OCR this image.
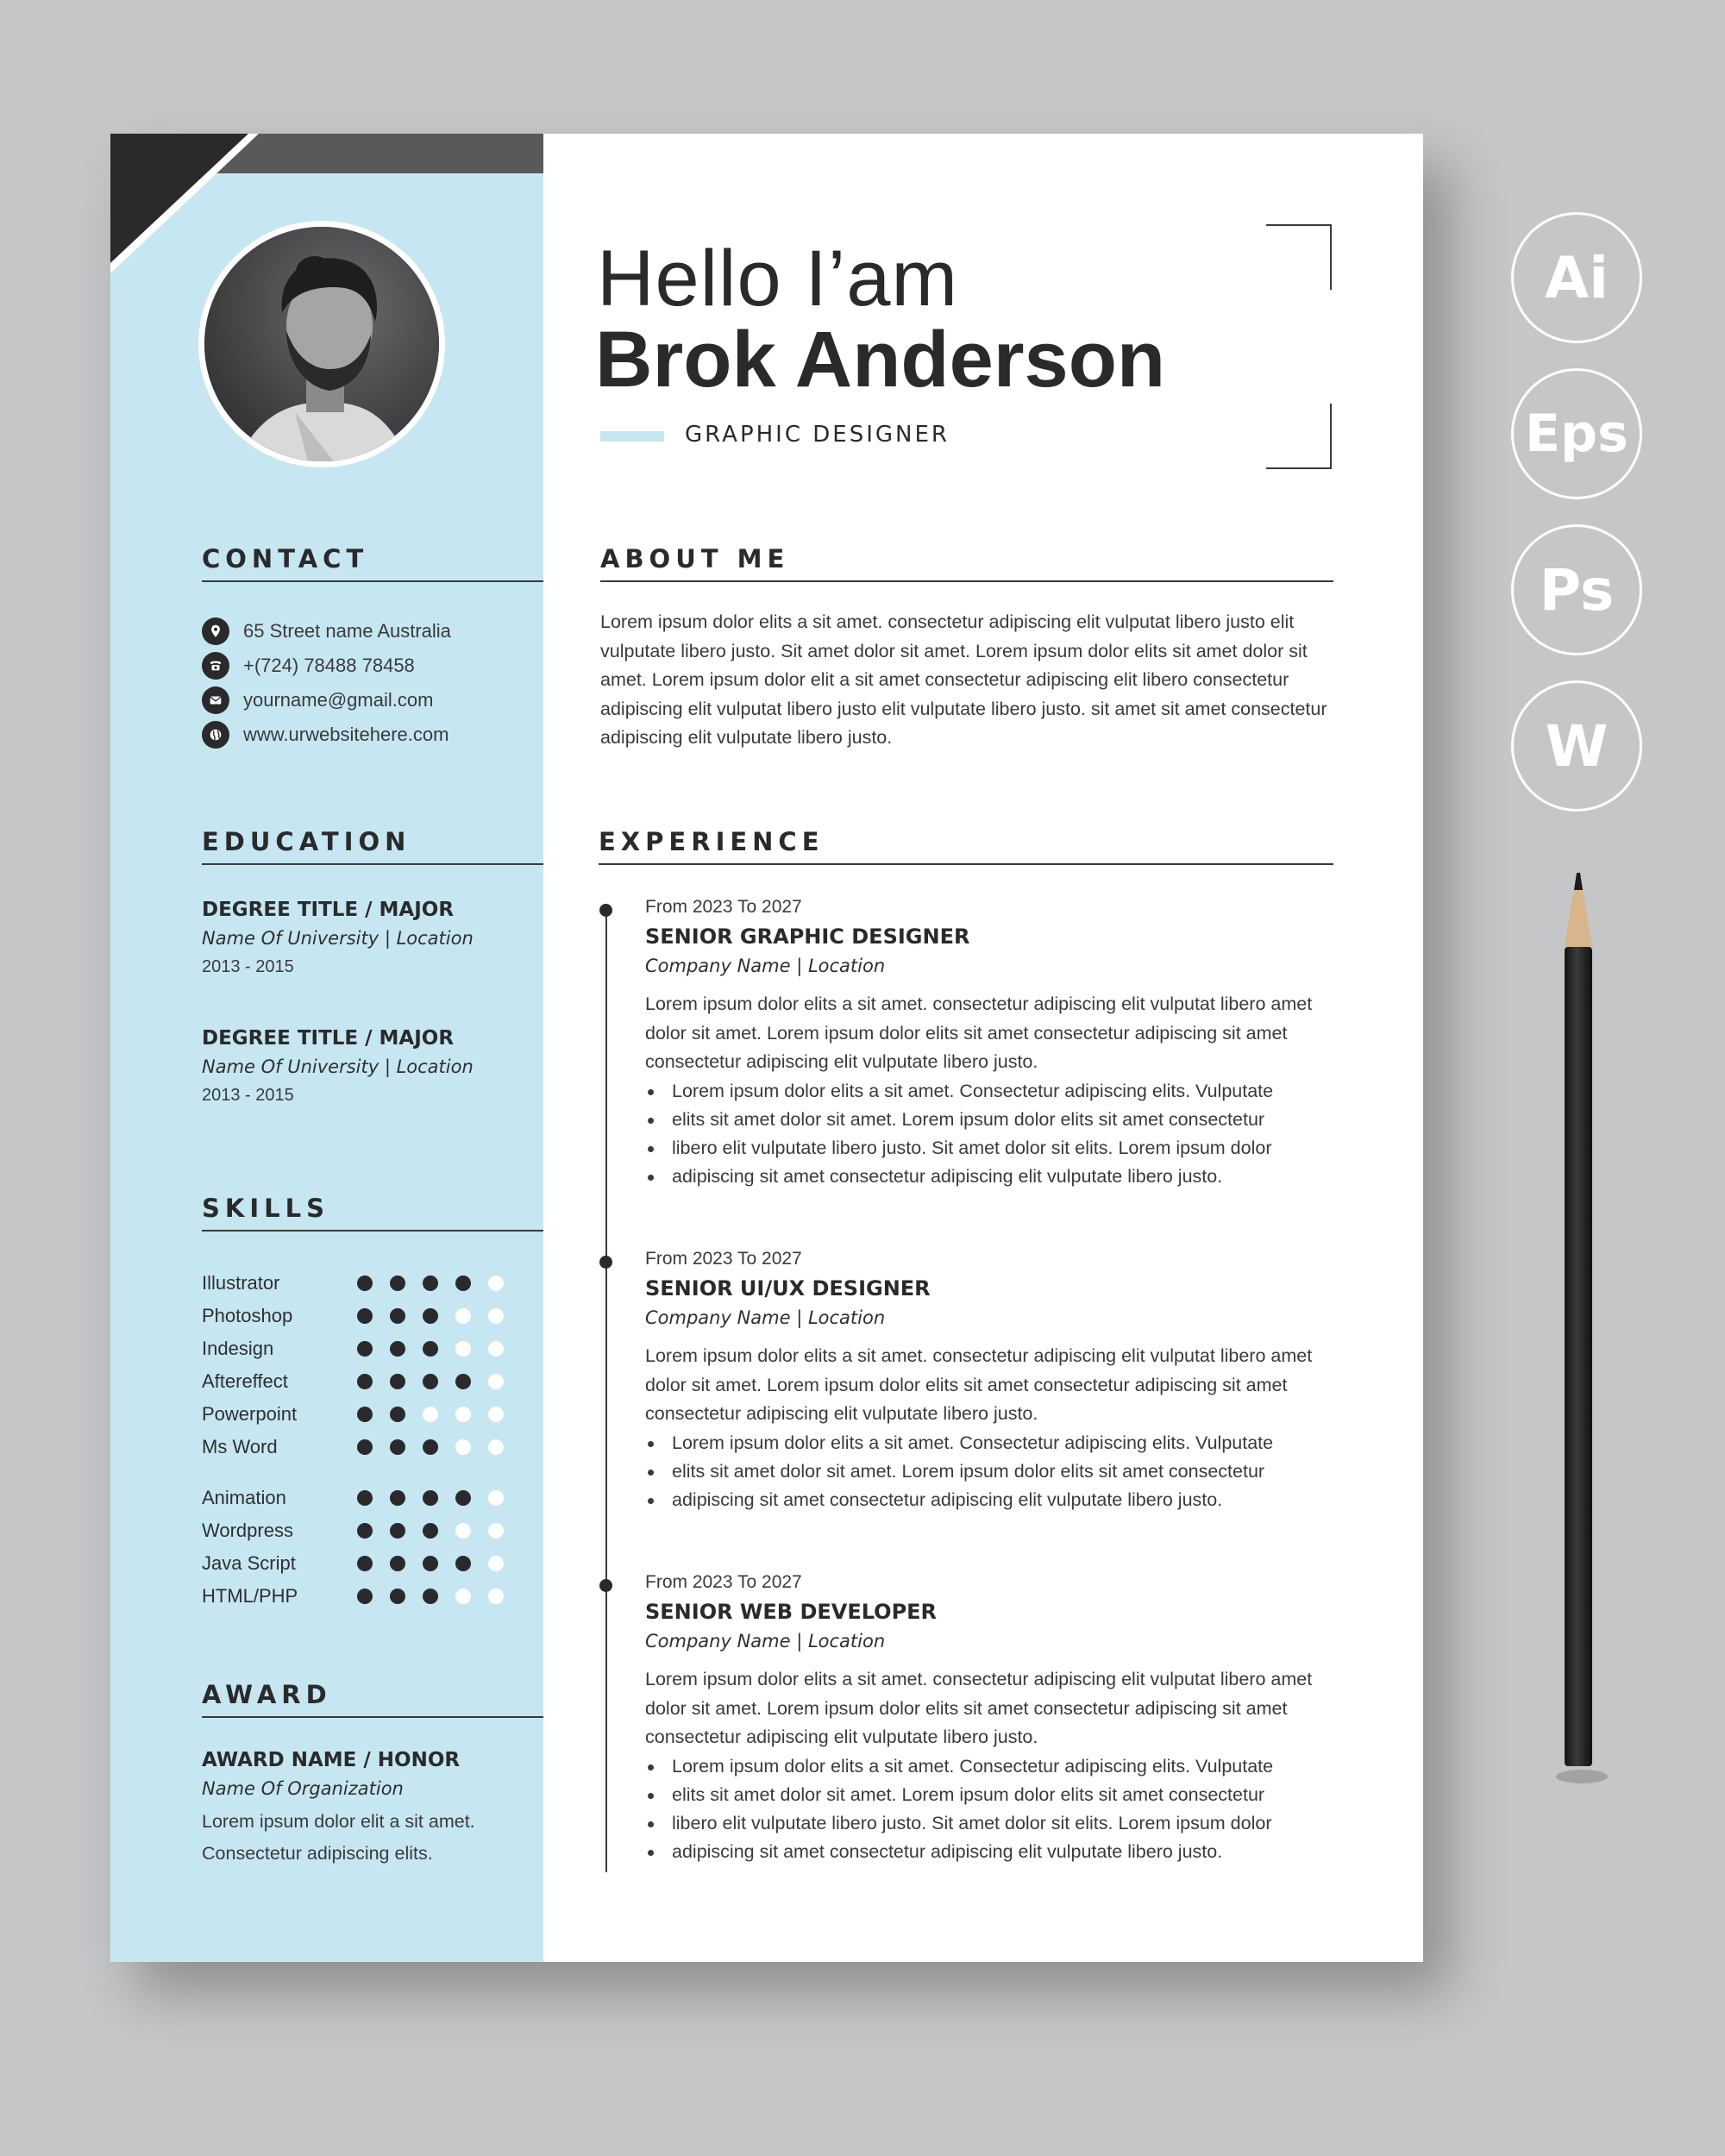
CONTACT
65 Street name Australia
+(724) 78488 78458
yourname@gmail.com
www.urwebsitehere.com
EDUCATION
DEGREE TITLE / MAJOR
Name Of University | Location
2013 - 2015
DEGREE TITLE / MAJOR
Name Of University | Location
2013 - 2015
SKILLS
Illustrator
Photoshop
Indesign
Aftereffect
Powerpoint
Ms Word
Animation
Wordpress
Java Script
HTML/PHP
AWARD
AWARD NAME / HONOR
Name Of Organization
Lorem ipsum dolor elit a sit amet.
Consectetur adipiscing elits.
Hello I’am
Brok Anderson
GRAPHIC DESIGNER
ABOUT ME

Lorem ipsum dolor elits a sit amet. consectetur adipiscing elit vulputat libero justo elit vulputate libero justo. Sit amet dolor sit amet. Lorem ipsum dolor elits sit amet dolor sit amet. Lorem ipsum dolor elit a sit amet consectetur adipiscing elit libero consectetur adipiscing elit vulputat libero justo elit vulputate libero justo. sit amet sit amet consectetur adipiscing elit vulputate libero justo.

EXPERIENCE
From 2023 To 2027
SENIOR GRAPHIC DESIGNER
Company Name | Location
Lorem ipsum dolor elits a sit amet. consectetur adipiscing elit vulputat libero amet dolor sit amet. Lorem ipsum dolor elits sit amet consectetur adipiscing sit amet consectetur adipiscing elit vulputate libero justo.
Lorem ipsum dolor elits a sit amet. Consectetur adipiscing elits. Vulputate
elits sit amet dolor sit amet. Lorem ipsum dolor elits sit amet consectetur
libero elit vulputate libero justo. Sit amet dolor sit elits. Lorem ipsum dolor
adipiscing sit amet consectetur adipiscing elit vulputate libero justo.
From 2023 To 2027
SENIOR UI/UX DESIGNER
Company Name | Location
Lorem ipsum dolor elits a sit amet. consectetur adipiscing elit vulputat libero amet dolor sit amet. Lorem ipsum dolor elits sit amet consectetur adipiscing sit amet consectetur adipiscing elit vulputate libero justo.
Lorem ipsum dolor elits a sit amet. Consectetur adipiscing elits. Vulputate
elits sit amet dolor sit amet. Lorem ipsum dolor elits sit amet consectetur
adipiscing sit amet consectetur adipiscing elit vulputate libero justo.
From 2023 To 2027
SENIOR WEB DEVELOPER
Company Name | Location
Lorem ipsum dolor elits a sit amet. consectetur adipiscing elit vulputat libero amet dolor sit amet. Lorem ipsum dolor elits sit amet consectetur adipiscing sit amet consectetur adipiscing elit vulputate libero justo.
Lorem ipsum dolor elits a sit amet. Consectetur adipiscing elits. Vulputate
elits sit amet dolor sit amet. Lorem ipsum dolor elits sit amet consectetur
libero elit vulputate libero justo. Sit amet dolor sit elits. Lorem ipsum dolor
adipiscing sit amet consectetur adipiscing elit vulputate libero justo.
Ai
Eps
Ps
W
